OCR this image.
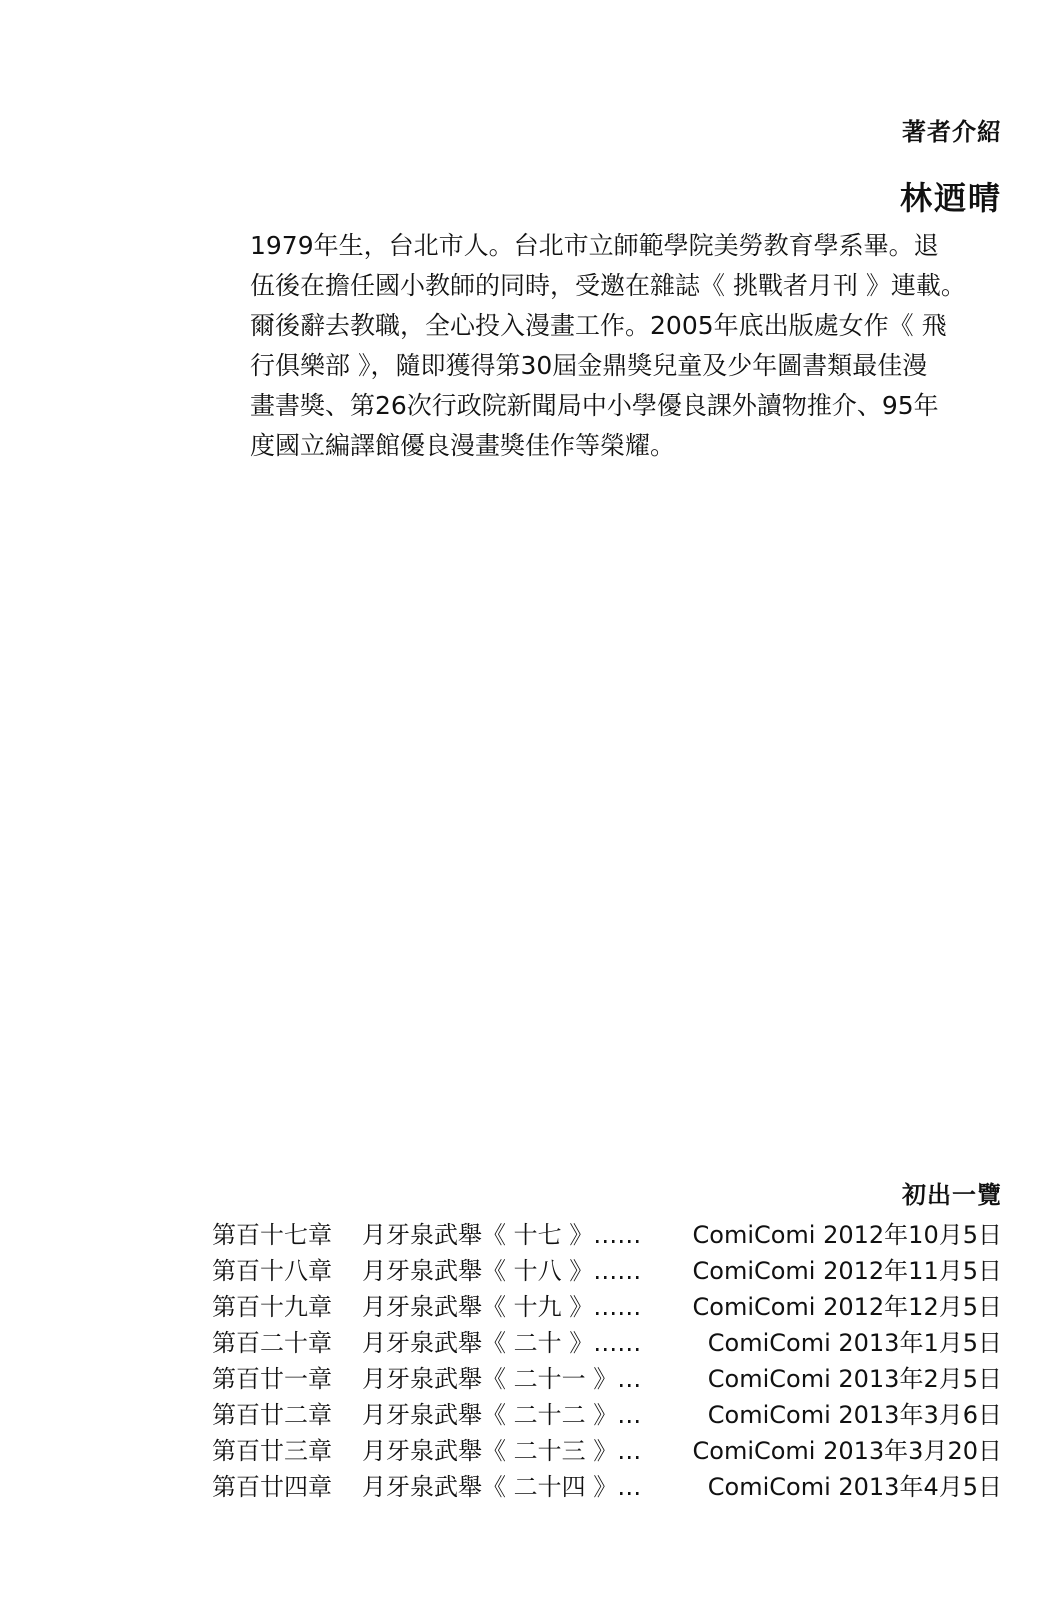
著者介紹
林迺晴
1979年生，台北市人。台北市立師範學院美勞教育學系畢。退
伍後在擔任國小教師的同時，受邀在雜誌《 挑戰者月刊 》連載。
爾後辭去教職，全心投入漫畫工作。2005年底出版處女作《 飛
行俱樂部 》，隨即獲得第30屆金鼎獎兒童及少年圖書類最佳漫
畫書獎、第26次行政院新聞局中小學優良課外讀物推介、95年
度國立編譯館優良漫畫獎佳作等榮耀。
初出一覽
第百十七章 月牙泉武舉《 十七 》…… ComiComi 2012年10月5日
第百十八章 月牙泉武舉《 十八 》…… ComiComi 2012年11月5日
第百十九章 月牙泉武舉《 十九 》…… ComiComi 2012年12月5日
第百二十章 月牙泉武舉《 二十 》……	ComiComi 2013年1月5日
第百廿一章 月牙泉武舉《 二十一 》…	ComiComi 2013年2月5日
第百廿二章 月牙泉武舉《 二十二 》…	ComiComi 2013年3月6日
第百廿三章 月牙泉武舉《 二十三 》… ComiComi 2013年3月20日
第百廿四章 月牙泉武舉《 二十四 》…	ComiComi 2013年4月5日
